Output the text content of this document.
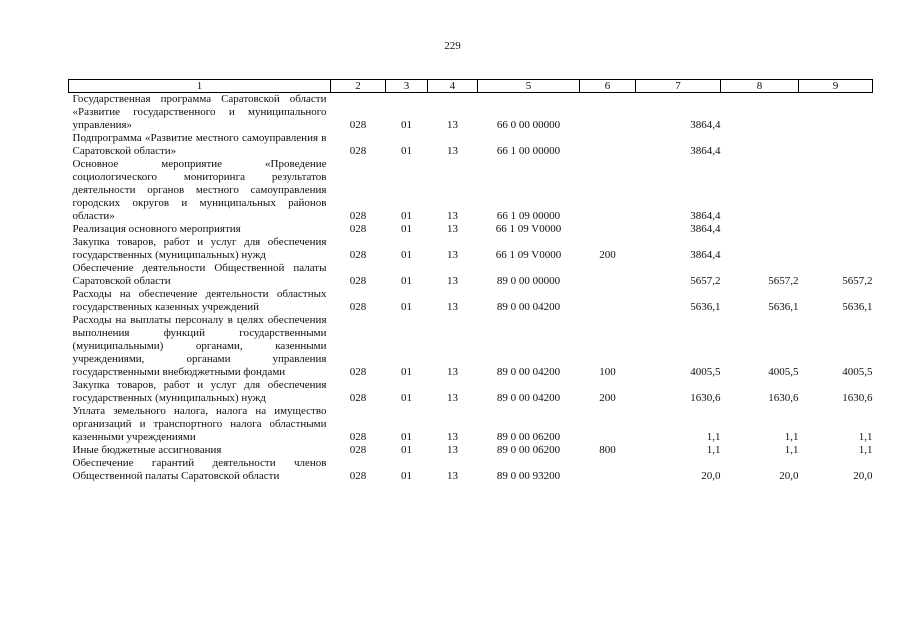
229
1	2	3	4	5	6	7	8	9
Государственная программа Саратовской области «Развитие государственного и муниципального управления»	028	01	13	66 0 00 00000		3864,4		
Подпрограмма «Развитие местного самоуправления в Саратовской области»	028	01	13	66 1 00 00000		3864,4		
Основное мероприятие «Проведение социологического мониторинга результатов деятельности органов местного самоуправления городских округов и муниципальных районов области»	028	01	13	66 1 09 00000		3864,4		
Реализация основного мероприятия	028	01	13	66 1 09 V0000		3864,4		
Закупка товаров, работ и услуг для обеспечения государственных (муниципальных) нужд	028	01	13	66 1 09 V0000	200	3864,4		
Обеспечение деятельности Общественной палаты Саратовской области	028	01	13	89 0 00 00000		5657,2	5657,2	5657,2
Расходы на обеспечение деятельности областных государственных казенных учреждений	028	01	13	89 0 00 04200		5636,1	5636,1	5636,1
Расходы на выплаты персоналу в целях обеспечения выполнения функций государственными (муниципальными) органами, казенными учреждениями, органами управления государственными внебюджетными фондами	028	01	13	89 0 00 04200	100	4005,5	4005,5	4005,5
Закупка товаров, работ и услуг для обеспечения государственных (муниципальных) нужд	028	01	13	89 0 00 04200	200	1630,6	1630,6	1630,6
Уплата земельного налога, налога на имущество организаций и транспортного налога областными казенными учреждениями	028	01	13	89 0 00 06200		1,1	1,1	1,1
Иные бюджетные ассигнования	028	01	13	89 0 00 06200	800	1,1	1,1	1,1
Обеспечение гарантий деятельности членов Общественной палаты Саратовской области	028	01	13	89 0 00 93200		20,0	20,0	20,0
